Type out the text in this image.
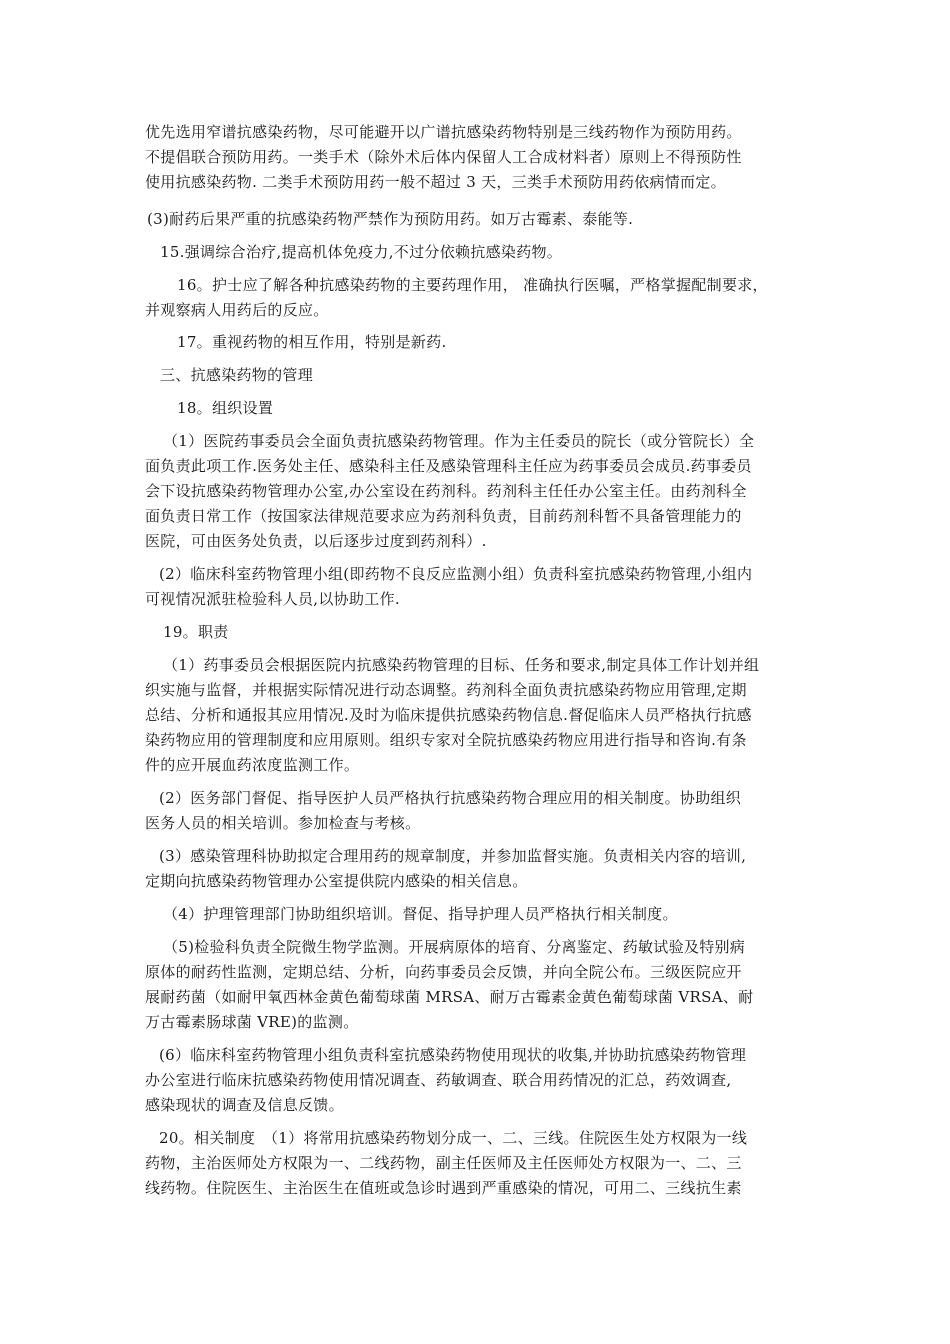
优先选用窄谱抗感染药物，尽可能避开以广谱抗感染药物特别是三线药物作为预防用药。
不提倡联合预防用药。一类手术（除外术后体内保留人工合成材料者）原则上不得预防性
使用抗感染药物. 二类手术预防用药一般不超过 3 天，三类手术预防用药依病情而定。
(3)耐药后果严重的抗感染药物严禁作为预防用药。如万古霉素、泰能等.
15.强调综合治疗,提高机体免疫力,不过分依赖抗感染药物。
16。护士应了解各种抗感染药物的主要药理作用， 准确执行医嘱，严格掌握配制要求，
并观察病人用药后的反应。
17。重视药物的相互作用，特别是新药.
三、抗感染药物的管理
18。组织设置
（1）医院药事委员会全面负责抗感染药物管理。作为主任委员的院长（或分管院长）全
面负责此项工作.医务处主任、感染科主任及感染管理科主任应为药事委员会成员.药事委员
会下设抗感染药物管理办公室,办公室设在药剂科。药剂科主任任办公室主任。由药剂科全
面负责日常工作（按国家法律规范要求应为药剂科负责，目前药剂科暂不具备管理能力的
医院，可由医务处负责，以后逐步过度到药剂科）.
(2）临床科室药物管理小组(即药物不良反应监测小组）负责科室抗感染药物管理,小组内
可视情况派驻检验科人员,以协助工作.
19。职责
（1）药事委员会根据医院内抗感染药物管理的目标、任务和要求,制定具体工作计划并组
织实施与监督，并根据实际情况进行动态调整。药剂科全面负责抗感染药物应用管理,定期
总结、分析和通报其应用情况.及时为临床提供抗感染药物信息.督促临床人员严格执行抗感
染药物应用的管理制度和应用原则。组织专家对全院抗感染药物应用进行指导和咨询.有条
件的应开展血药浓度监测工作。
(2）医务部门督促、指导医护人员严格执行抗感染药物合理应用的相关制度。协助组织
医务人员的相关培训。参加检查与考核。
(3）感染管理科协助拟定合理用药的规章制度，并参加监督实施。负责相关内容的培训,
定期向抗感染药物管理办公室提供院内感染的相关信息。
（4）护理管理部门协助组织培训。督促、指导护理人员严格执行相关制度。
（5)检验科负责全院微生物学监测。开展病原体的培育、分离鉴定、药敏试验及特别病
原体的耐药性监测，定期总结、分析，向药事委员会反馈，并向全院公布。三级医院应开
展耐药菌（如耐甲氧西林金黄色葡萄球菌 MRSA、耐万古霉素金黄色葡萄球菌 VRSA、耐
万古霉素肠球菌 VRE)的监测。
(6）临床科室药物管理小组负责科室抗感染药物使用现状的收集,并协助抗感染药物管理
办公室进行临床抗感染药物使用情况调查、药敏调查、联合用药情况的汇总，药效调查,
感染现状的调查及信息反馈。
20。相关制度　（1）将常用抗感染药物划分成一、二、三线。住院医生处方权限为一线
药物，主治医师处方权限为一、二线药物，副主任医师及主任医师处方权限为一、二、三
线药物。住院医生、主治医生在值班或急诊时遇到严重感染的情况，可用二、三线抗生素
